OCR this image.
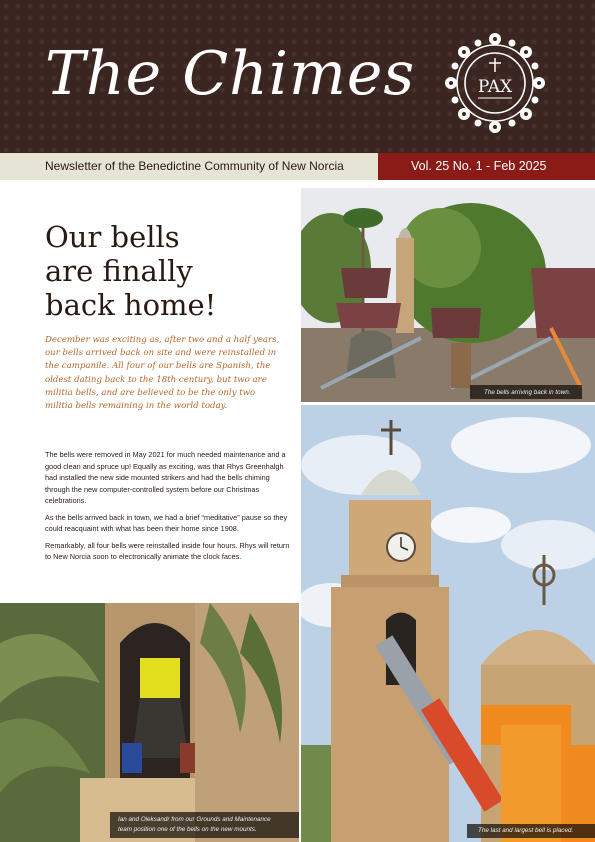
The Chimes	PAX
Newsletter of the Benedictine Community of New Norcia	Vol. 25 No. 1 - Feb 2025
Our bells
are finally
back home!
December was exciting as, after two and a half years, our bells arrived back on site and were reinstalled in the campanile. All four of our bells are Spanish, the oldest dating back to the 18th century, but two are militia bells, and are believed to be the only two militia bells remaining in the world today.

The bells were removed in May 2021 for much needed maintenance and a good clean and spruce up! Equally as exciting, was that Rhys Greenhalgh had installed the new side mounted strikers and had the bells chiming through the new computer-controlled system before our Christmas celebrations.

As the bells arrived back in town, we had a brief “meditative” pause so they could reacquaint with what has been their home since 1908.

Remarkably, all four bells were reinstalled inside four hours. Rhys will return to New Norcia soon to electronically animate the clock faces.

The bells arriving back in town.
The last and largest bell is placed.
Ian and Oleksandr from our Grounds and Maintenance
team position one of the bells on the new mounts.
